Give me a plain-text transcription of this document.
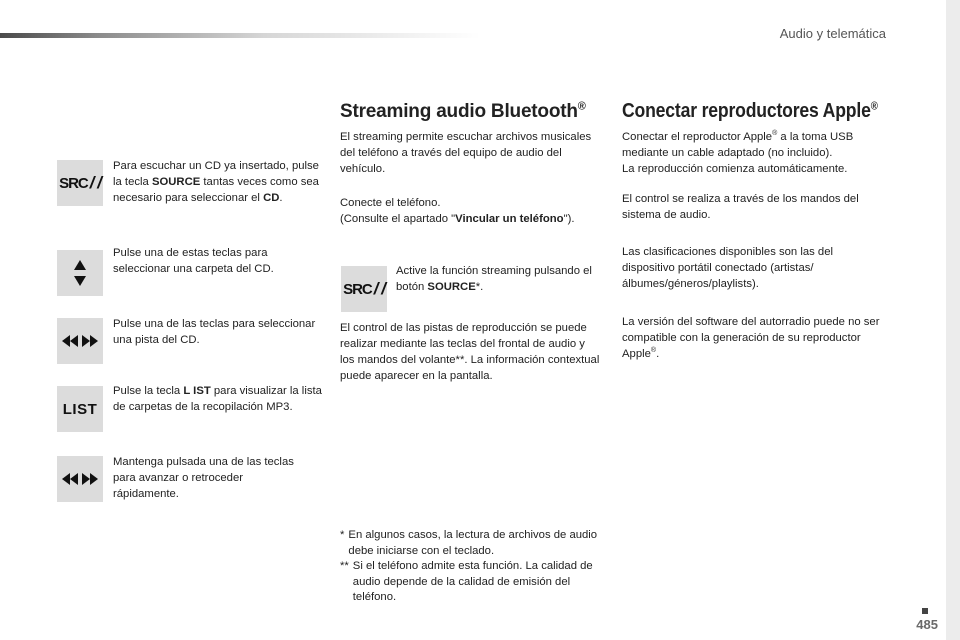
Audio y telemática
SRC / /
Para escuchar un CD ya insertado, pulse la tecla SOURCE tantas veces como sea necesario para seleccionar el CD.
Pulse una de estas teclas para seleccionar una carpeta del CD.
Pulse una de las teclas para seleccionar una pista del CD.
LIST
Pulse la tecla L IST para visualizar la lista de carpetas de la recopilación MP3.
Mantenga pulsada una de las teclas para avanzar o retroceder rápidamente.
Streaming audio Bluetooth®
El streaming permite escuchar archivos musicales del teléfono a través del equipo de audio del vehículo.
Conecte el teléfono.
(Consulte el apartado "Vincular un teléfono").
SRC / /
Active la función streaming pulsando el botón SOURCE*.
El control de las pistas de reproducción se puede realizar mediante las teclas del frontal de audio y los mandos del volante**. La información contextual puede aparecer en la pantalla.
* En algunos casos, la lectura de archivos de audio debe iniciarse con el teclado.
** Si el teléfono admite esta función. La calidad de audio depende de la calidad de emisión del teléfono.
Conectar reproductores Apple®
Conectar el reproductor Apple® a la toma USB mediante un cable adaptado (no incluido).
La reproducción comienza automáticamente.
El control se realiza a través de los mandos del sistema de audio.
Las clasificaciones disponibles son las del dispositivo portátil conectado (artistas/álbumes/géneros/playlists).
La versión del software del autorradio puede no ser compatible con la generación de su reproductor Apple®.
485
